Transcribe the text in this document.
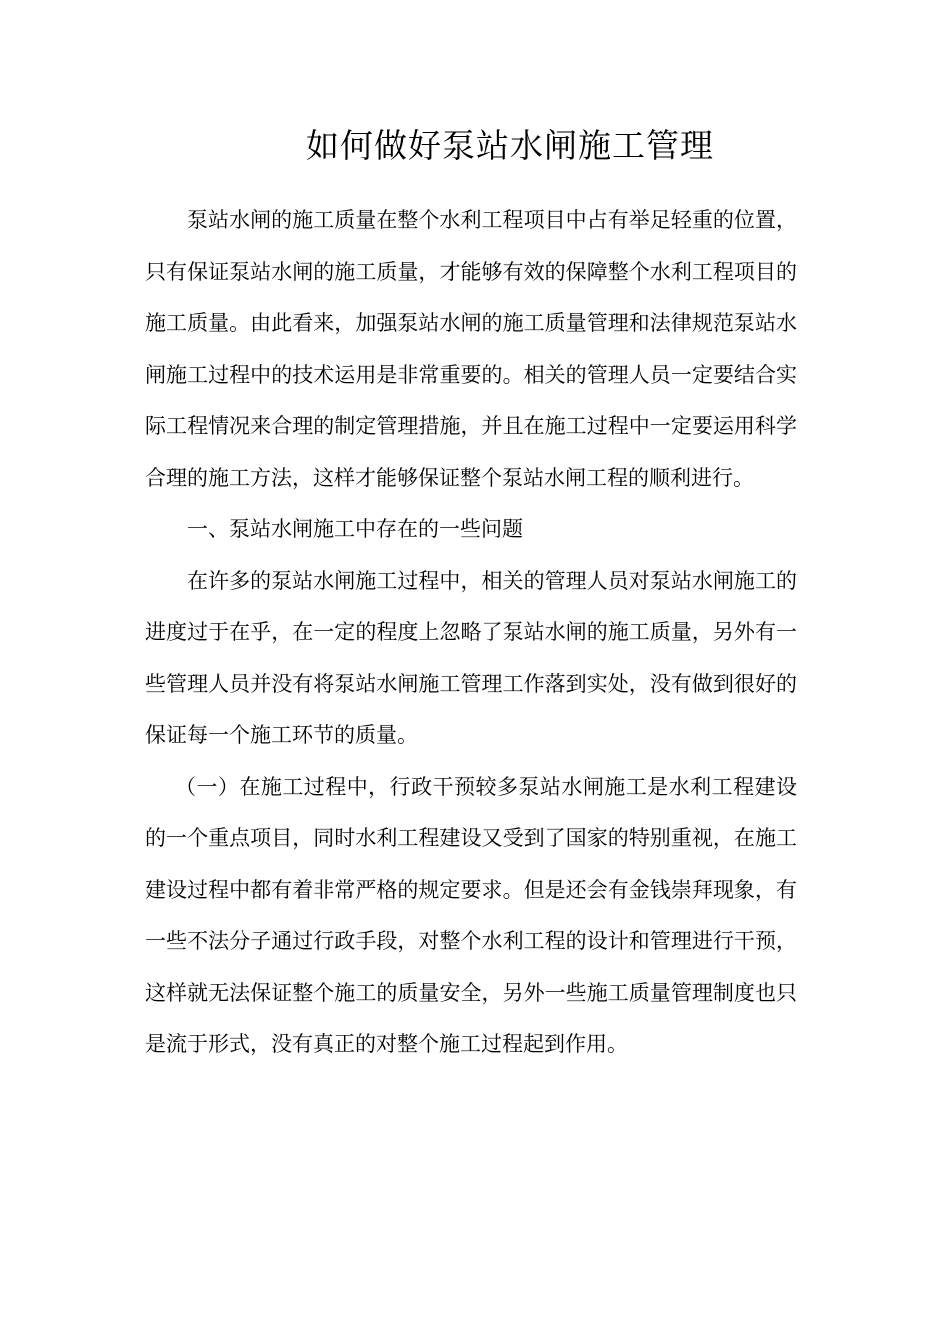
如何做好泵站水闸施工管理

泵站水闸的施工质量在整个水利工程项目中占有举足轻重的位置，只有保证泵站水闸的施工质量，才能够有效的保障整个水利工程项目的施工质量。由此看来，加强泵站水闸的施工质量管理和法律规范泵站水闸施工过程中的技术运用是非常重要的。相关的管理人员一定要结合实际工程情况来合理的制定管理措施，并且在施工过程中一定要运用科学合理的施工方法，这样才能够保证整个泵站水闸工程的顺利进行。

一、泵站水闸施工中存在的一些问题

在许多的泵站水闸施工过程中，相关的管理人员对泵站水闸施工的进度过于在乎，在一定的程度上忽略了泵站水闸的施工质量，另外有一些管理人员并没有将泵站水闸施工管理工作落到实处，没有做到很好的保证每一个施工环节的质量。

（一）在施工过程中，行政干预较多泵站水闸施工是水利工程建设的一个重点项目，同时水利工程建设又受到了国家的特别重视，在施工建设过程中都有着非常严格的规定要求。但是还会有金钱崇拜现象，有一些不法分子通过行政手段，对整个水利工程的设计和管理进行干预，这样就无法保证整个施工的质量安全，另外一些施工质量管理制度也只是流于形式，没有真正的对整个施工过程起到作用。
